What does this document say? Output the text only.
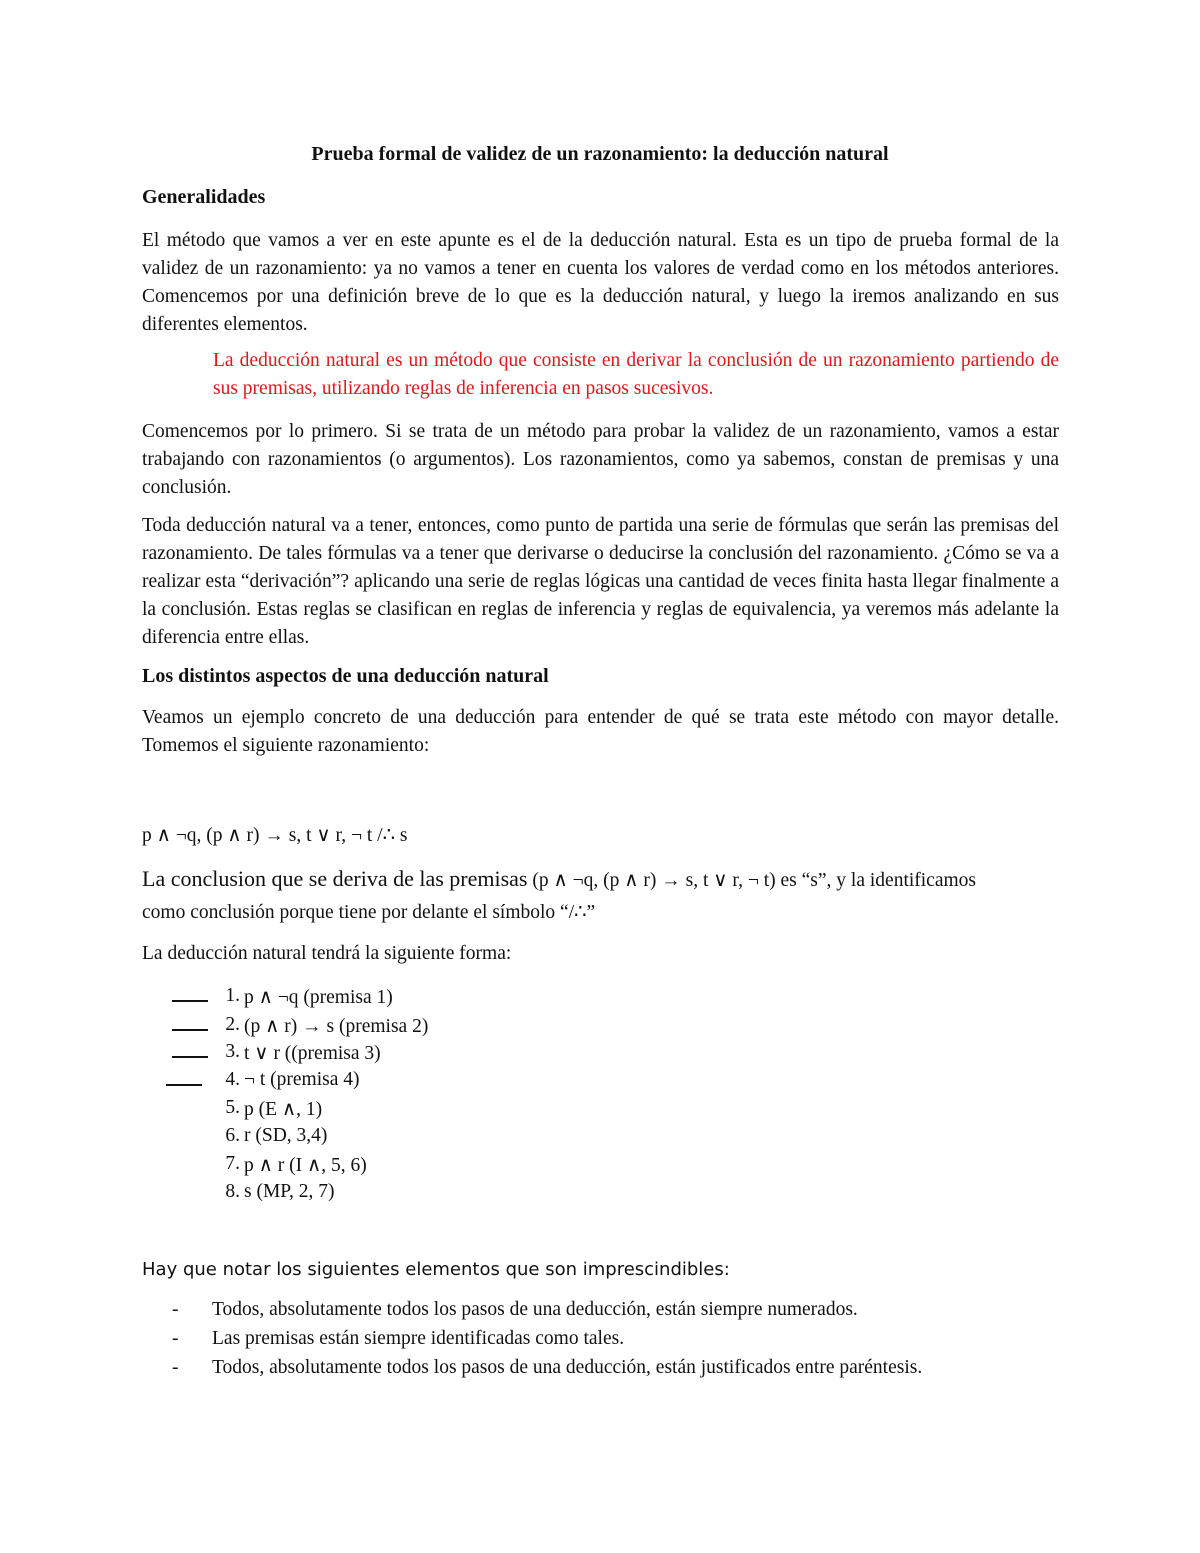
Prueba formal de validez de un razonamiento: la deducción natural
Generalidades

El método que vamos a ver en este apunte es el de la deducción natural. Esta es un tipo de prueba formal de la validez de un razonamiento: ya no vamos a tener en cuenta los valores de verdad como en los métodos anteriores. Comencemos por una definición breve de lo que es la deducción natural, y luego la iremos analizando en sus diferentes elementos.

La deducción natural es un método que consiste en derivar la conclusión de un razonamiento partiendo de sus premisas, utilizando reglas de inferencia en pasos sucesivos.

Comencemos por lo primero. Si se trata de un método para probar la validez de un razonamiento, vamos a estar trabajando con razonamientos (o argumentos). Los razonamientos, como ya sabemos, constan de premisas y una conclusión.

Toda deducción natural va a tener, entonces, como punto de partida una serie de fórmulas que serán las premisas del razonamiento. De tales fórmulas va a tener que derivarse o deducirse la conclusión del razonamiento. ¿Cómo se va a realizar esta “derivación”? aplicando una serie de reglas lógicas una cantidad de veces finita hasta llegar finalmente a la conclusión. Estas reglas se clasifican en reglas de inferencia y reglas de equivalencia, ya veremos más adelante la diferencia entre ellas.

Los distintos aspectos de una deducción natural

Veamos un ejemplo concreto de una deducción para entender de qué se trata este método con mayor detalle. Tomemos el siguiente razonamiento:

p ∧ ¬q, (p ∧ r) → s, t ∨ r, ¬ t /∴ s
La conclusion que se deriva de las premisas (p ∧ ¬q, (p ∧ r) → s, t ∨ r, ¬ t) es “s”, y la identificamos
como conclusión porque tiene por delante el símbolo “/∴”
La deducción natural tendrá la siguiente forma:
1. p ∧ ¬q (premisa 1)
2. (p ∧ r) → s (premisa 2)
3. t ∨ r ((premisa 3)
4. ¬ t (premisa 4)
5. p (E ∧, 1)
6. r (SD, 3,4)
7. p ∧ r (I ∧, 5, 6)
8. s (MP, 2, 7)
Hay que notar los siguientes elementos que son imprescindibles:
- Todos, absolutamente todos los pasos de una deducción, están siempre numerados.
- Las premisas están siempre identificadas como tales.
- Todos, absolutamente todos los pasos de una deducción, están justificados entre paréntesis.
